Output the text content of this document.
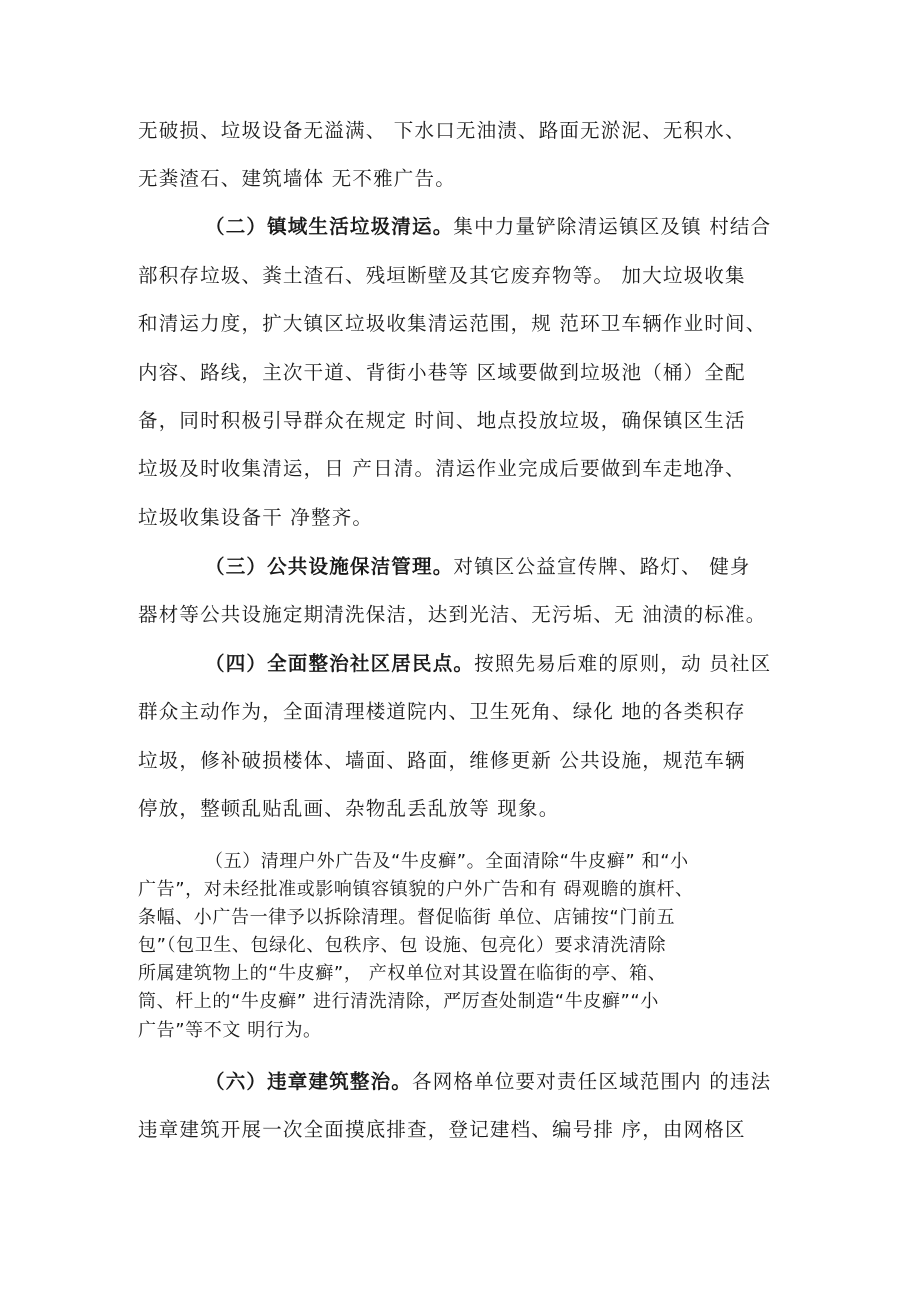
无破损、垃圾设备无溢满、 下水口无油渍、路面无淤泥、无积水、
无粪渣石、建筑墙体 无不雅广告。
（二）镇域生活垃圾清运。集中力量铲除清运镇区及镇 村结合
部积存垃圾、粪土渣石、残垣断壁及其它废弃物等。 加大垃圾收集
和清运力度，扩大镇区垃圾收集清运范围，规 范环卫车辆作业时间、
内容、路线，主次干道、背街小巷等 区域要做到垃圾池（桶）全配
备，同时积极引导群众在规定 时间、地点投放垃圾，确保镇区生活
垃圾及时收集清运，日 产日清。清运作业完成后要做到车走地净、
垃圾收集设备干 净整齐。
（三）公共设施保洁管理。对镇区公益宣传牌、路灯、 健身
器材等公共设施定期清洗保洁，达到光洁、无污垢、无 油渍的标准。
（四）全面整治社区居民点。按照先易后难的原则，动 员社区
群众主动作为，全面清理楼道院内、卫生死角、绿化 地的各类积存
垃圾，修补破损楼体、墙面、路面，维修更新 公共设施，规范车辆
停放，整顿乱贴乱画、杂物乱丢乱放等 现象。
（五）清理户外广告及“牛皮癣”。全面清除“牛皮癣” 和“小
广告”，对未经批准或影响镇容镇貌的户外广告和有 碍观瞻的旗杆、
条幅、小广告一律予以拆除清理。督促临街 单位、店铺按“门前五
包”（包卫生、包绿化、包秩序、包 设施、包亮化）要求清洗清除
所属建筑物上的“牛皮癣”， 产权单位对其设置在临街的亭、箱、
筒、杆上的“牛皮癣” 进行清洗清除，严厉查处制造“牛皮癣”“小
广告”等不文 明行为。
（六）违章建筑整治。各网格单位要对责任区域范围内 的违法
违章建筑开展一次全面摸底排查，登记建档、编号排 序，由网格区
